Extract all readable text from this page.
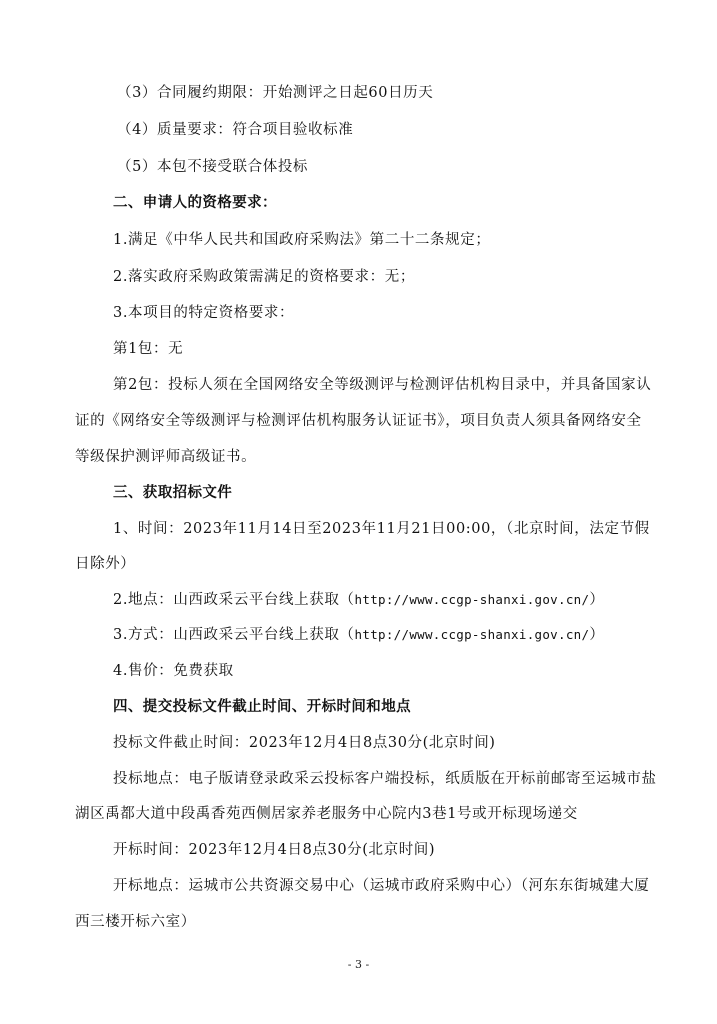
（3）合同履约期限：开始测评之日起60日历天
（4）质量要求：符合项目验收标准
（5）本包不接受联合体投标
二、申请人的资格要求：
1.满足《中华人民共和国政府采购法》第二十二条规定；
2.落实政府采购政策需满足的资格要求：无；
3.本项目的特定资格要求：
第1包：无
第2包：投标人须在全国网络安全等级测评与检测评估机构目录中，并具备国家认
证的《网络安全等级测评与检测评估机构服务认证证书》，项目负责人须具备网络安全
等级保护测评师高级证书。
三、获取招标文件
1、时间：2023年11月14日至2023年11月21日00:00，（北京时间，法定节假
日除外）
2.地点：山西政采云平台线上获取（http://www.ccgp-shanxi.gov.cn/）
3.方式：山西政采云平台线上获取（http://www.ccgp-shanxi.gov.cn/）
4.售价：免费获取
四、提交投标文件截止时间、开标时间和地点
投标文件截止时间：2023年12月4日8点30分(北京时间)
投标地点：电子版请登录政采云投标客户端投标，纸质版在开标前邮寄至运城市盐
湖区禹都大道中段禹香苑西侧居家养老服务中心院内3巷1号或开标现场递交
开标时间：2023年12月4日8点30分(北京时间)
开标地点：运城市公共资源交易中心（运城市政府采购中心）（河东东街城建大厦
西三楼开标六室）
- 3 -
